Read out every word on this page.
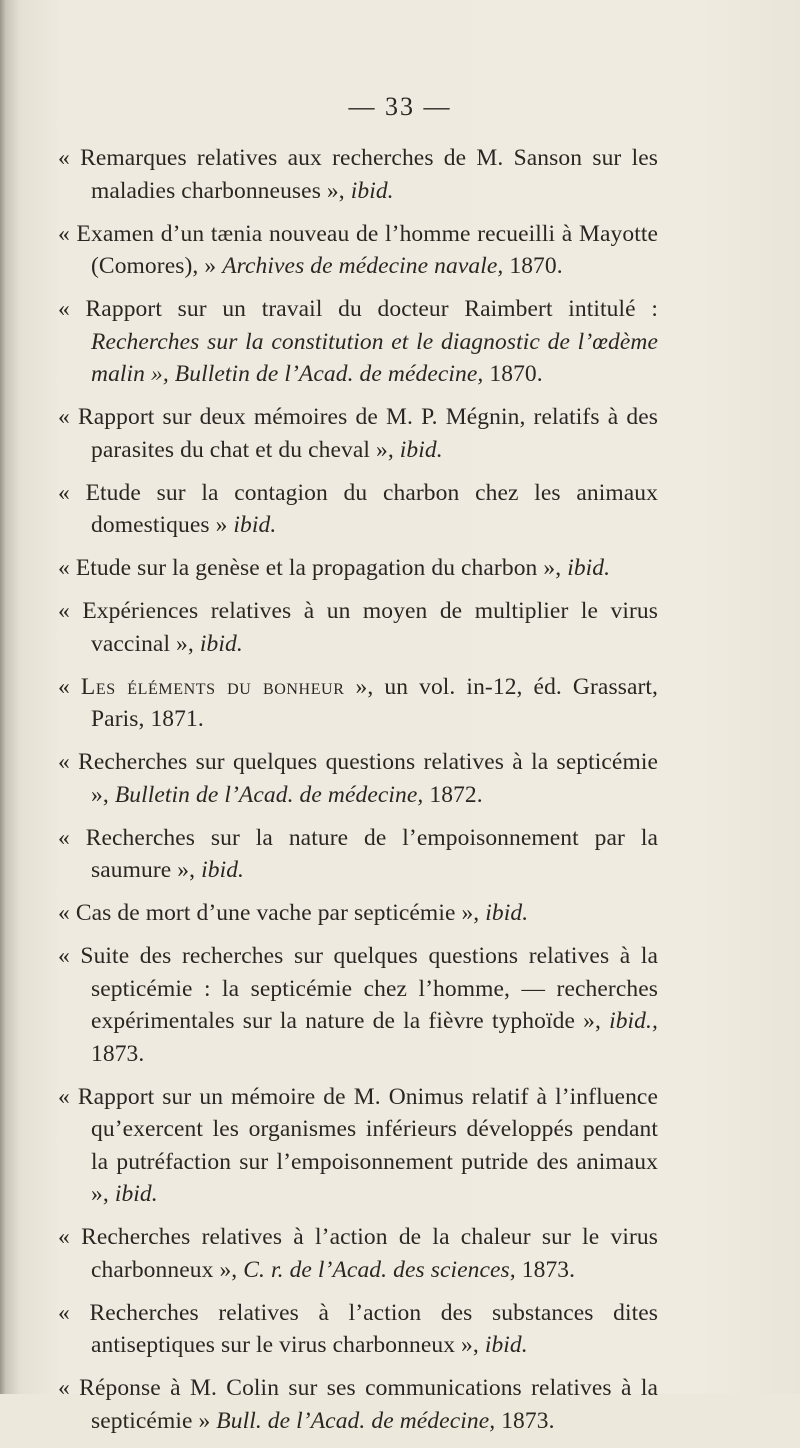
— 33 —

« Remarques relatives aux recherches de M. Sanson sur les maladies charbonneuses », ibid.

« Examen d’un tænia nouveau de l’homme recueilli à Mayotte (Comores), » Archives de médecine navale, 1870.

« Rapport sur un travail du docteur Raimbert intitulé : Recherches sur la constitution et le diagnostic de l’œdème malin », Bulletin de l’Acad. de médecine, 1870.

« Rapport sur deux mémoires de M. P. Mégnin, relatifs à des parasites du chat et du cheval », ibid.

« Etude sur la contagion du charbon chez les animaux domestiques » ibid.

« Etude sur la genèse et la propagation du charbon », ibid.

« Expériences relatives à un moyen de multiplier le virus vaccinal », ibid.

« Les éléments du bonheur », un vol. in-12, éd. Grassart, Paris, 1871.

« Recherches sur quelques questions relatives à la septicémie », Bulletin de l’Acad. de médecine, 1872.

« Recherches sur la nature de l’empoisonnement par la saumure », ibid.

« Cas de mort d’une vache par septicémie », ibid.

« Suite des recherches sur quelques questions relatives à la septicémie : la septicémie chez l’homme, — recherches expérimentales sur la nature de la fièvre typhoïde », ibid., 1873.

« Rapport sur un mémoire de M. Onimus relatif à l’influence qu’exercent les organismes inférieurs développés pendant la putréfaction sur l’empoisonnement putride des animaux », ibid.

« Recherches relatives à l’action de la chaleur sur le virus charbonneux », C. r. de l’Acad. des sciences, 1873.

« Recherches relatives à l’action des substances dites antiseptiques sur le virus charbonneux », ibid.

« Réponse à M. Colin sur ses communications relatives à la septicémie » Bull. de l’Acad. de médecine, 1873.
